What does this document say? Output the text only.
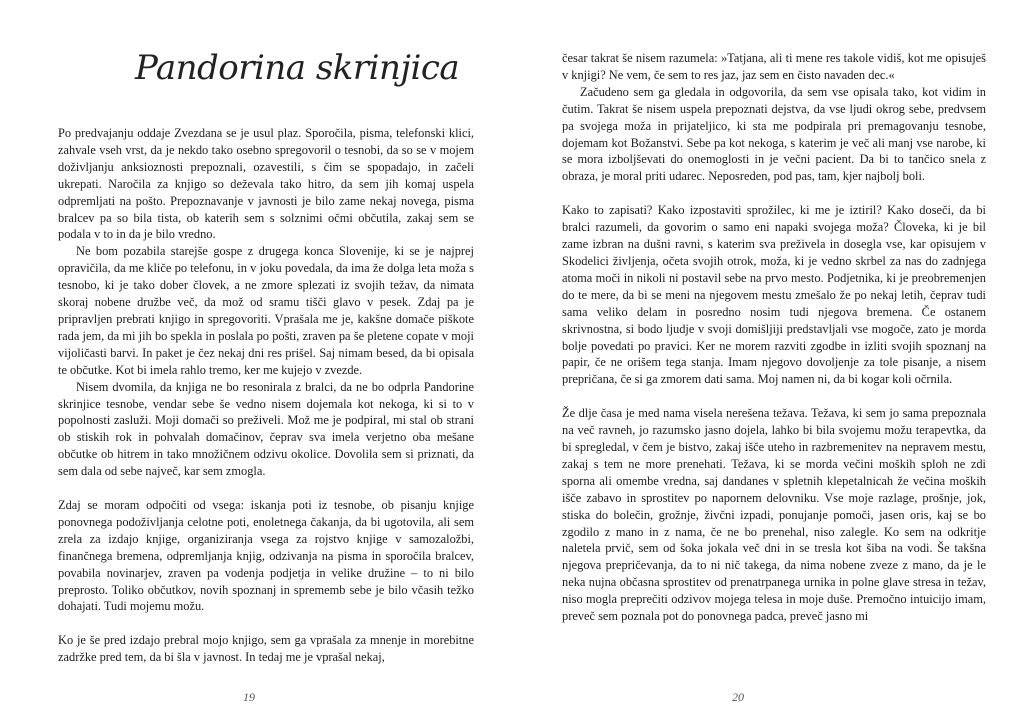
Pandorina skrinjica

Po predvajanju oddaje Zvezdana se je usul plaz. Sporočila, pisma, telefonski klici, zahvale vseh vrst, da je nekdo tako osebno spregovoril o tesnobi, da so se v mojem doživljanju anksioznosti prepoznali, ozavestili, s čim se spopadajo, in začeli ukrepati. Naročila za knjigo so deževala tako hitro, da sem jih komaj uspela odpremljati na pošto. Prepoznavanje v javnosti je bilo zame nekaj novega, pisma bralcev pa so bila tista, ob katerih sem s solznimi očmi občutila, zakaj sem se podala v to in da je bilo vredno.

Ne bom pozabila starejše gospe z drugega konca Slovenije, ki se je najprej opravičila, da me kliče po telefonu, in v joku povedala, da ima že dolga leta moža s tesnobo, ki je tako dober človek, a ne zmore splezati iz svojih težav, da nimata skoraj nobene družbe več, da mož od sramu tišči glavo v pesek. Zdaj pa je pripravljen prebrati knjigo in spregovoriti. Vprašala me je, kakšne domače piškote rada jem, da mi jih bo spekla in poslala po pošti, zraven pa še pletene copate v moji vijoličasti barvi. In paket je čez nekaj dni res prišel. Saj nimam besed, da bi opisala te občutke. Kot bi imela rahlo tremo, ker me kujejo v zvezde.

Nisem dvomila, da knjiga ne bo resonirala z bralci, da ne bo odprla Pandorine skrinjice tesnobe, vendar sebe še vedno nisem dojemala kot nekoga, ki si to v popolnosti zasluži. Moji domači so preživeli. Mož me je podpiral, mi stal ob strani ob stiskih rok in pohvalah domačinov, čeprav sva imela verjetno oba mešane občutke ob hitrem in tako množičnem odzivu okolice. Dovolila sem si priznati, da sem dala od sebe največ, kar sem zmogla.

Zdaj se moram odpočiti od vsega: iskanja poti iz tesnobe, ob pisanju knjige ponovnega podoživljanja celotne poti, enoletnega čakanja, da bi ugotovila, ali sem zrela za izdajo knjige, organiziranja vsega za rojstvo knjige v samozaložbi, finančnega bremena, odpremljanja knjig, odzivanja na pisma in sporočila bralcev, povabila novinarjev, zraven pa vodenja podjetja in velike družine – to ni bilo preprosto. Toliko občutkov, novih spoznanj in sprememb sebe je bilo včasih težko dohajati. Tudi mojemu možu.

Ko je še pred izdajo prebral mojo knjigo, sem ga vprašala za mnenje in morebitne zadržke pred tem, da bi šla v javnost. In tedaj me je vprašal nekaj,

19

česar takrat še nisem razumela: »Tatjana, ali ti mene res takole vidiš, kot me opisuješ v knjigi? Ne vem, če sem to res jaz, jaz sem en čisto navaden dec.«

Začudeno sem ga gledala in odgovorila, da sem vse opisala tako, kot vidim in čutim. Takrat še nisem uspela prepoznati dejstva, da vse ljudi okrog sebe, predvsem pa svojega moža in prijateljico, ki sta me podpirala pri premagovanju tesnobe, dojemam kot Božanstvi. Sebe pa kot nekoga, s katerim je več ali manj vse narobe, ki se mora izboljševati do onemoglosti in je večni pacient. Da bi to tančico snela z obraza, je moral priti udarec. Neposreden, pod pas, tam, kjer najbolj boli.

Kako to zapisati? Kako izpostaviti sprožilec, ki me je iztiril? Kako doseči, da bi bralci razumeli, da govorim o samo eni napaki svojega moža? Človeka, ki je bil zame izbran na dušni ravni, s katerim sva preživela in dosegla vse, kar opisujem v Skodelici življenja, očeta svojih otrok, moža, ki je vedno skrbel za nas do zadnjega atoma moči in nikoli ni postavil sebe na prvo mesto. Podjetnika, ki je preobremenjen do te mere, da bi se meni na njegovem mestu zmešalo že po nekaj letih, čeprav tudi sama veliko delam in posredno nosim tudi njegova bremena. Če ostanem skrivnostna, si bodo ljudje v svoji domišljiji predstavljali vse mogoče, zato je morda bolje povedati po pravici. Ker ne morem razviti zgodbe in izliti svojih spoznanj na papir, če ne orišem tega stanja. Imam njegovo dovoljenje za tole pisanje, a nisem prepričana, če si ga zmorem dati sama. Moj namen ni, da bi kogar koli očrnila.

Že dlje časa je med nama visela nerešena težava. Težava, ki sem jo sama prepoznala na več ravneh, jo razumsko jasno dojela, lahko bi bila svojemu možu terapevtka, da bi spregledal, v čem je bistvo, zakaj išče uteho in razbremenitev na nepravem mestu, zakaj s tem ne more prenehati. Težava, ki se morda večini moških sploh ne zdi sporna ali omembe vredna, saj dandanes v spletnih klepetalnicah že večina moških išče zabavo in sprostitev po napornem delovniku. Vse moje razlage, prošnje, jok, stiska do bolečin, grožnje, živčni izpadi, ponujanje pomoči, jasen oris, kaj se bo zgodilo z mano in z nama, če ne bo prenehal, niso zalegle. Ko sem na odkritje naletela prvič, sem od šoka jokala več dni in se tresla kot šiba na vodi. Še takšna njegova prepričevanja, da to ni nič takega, da nima nobene zveze z mano, da je le neka nujna občasna sprostitev od prenatrpanega urnika in polne glave stresa in težav, niso mogla preprečiti odzivov mojega telesa in moje duše. Premočno intuicijo imam, preveč sem poznala pot do ponovnega padca, preveč jasno mi

20
